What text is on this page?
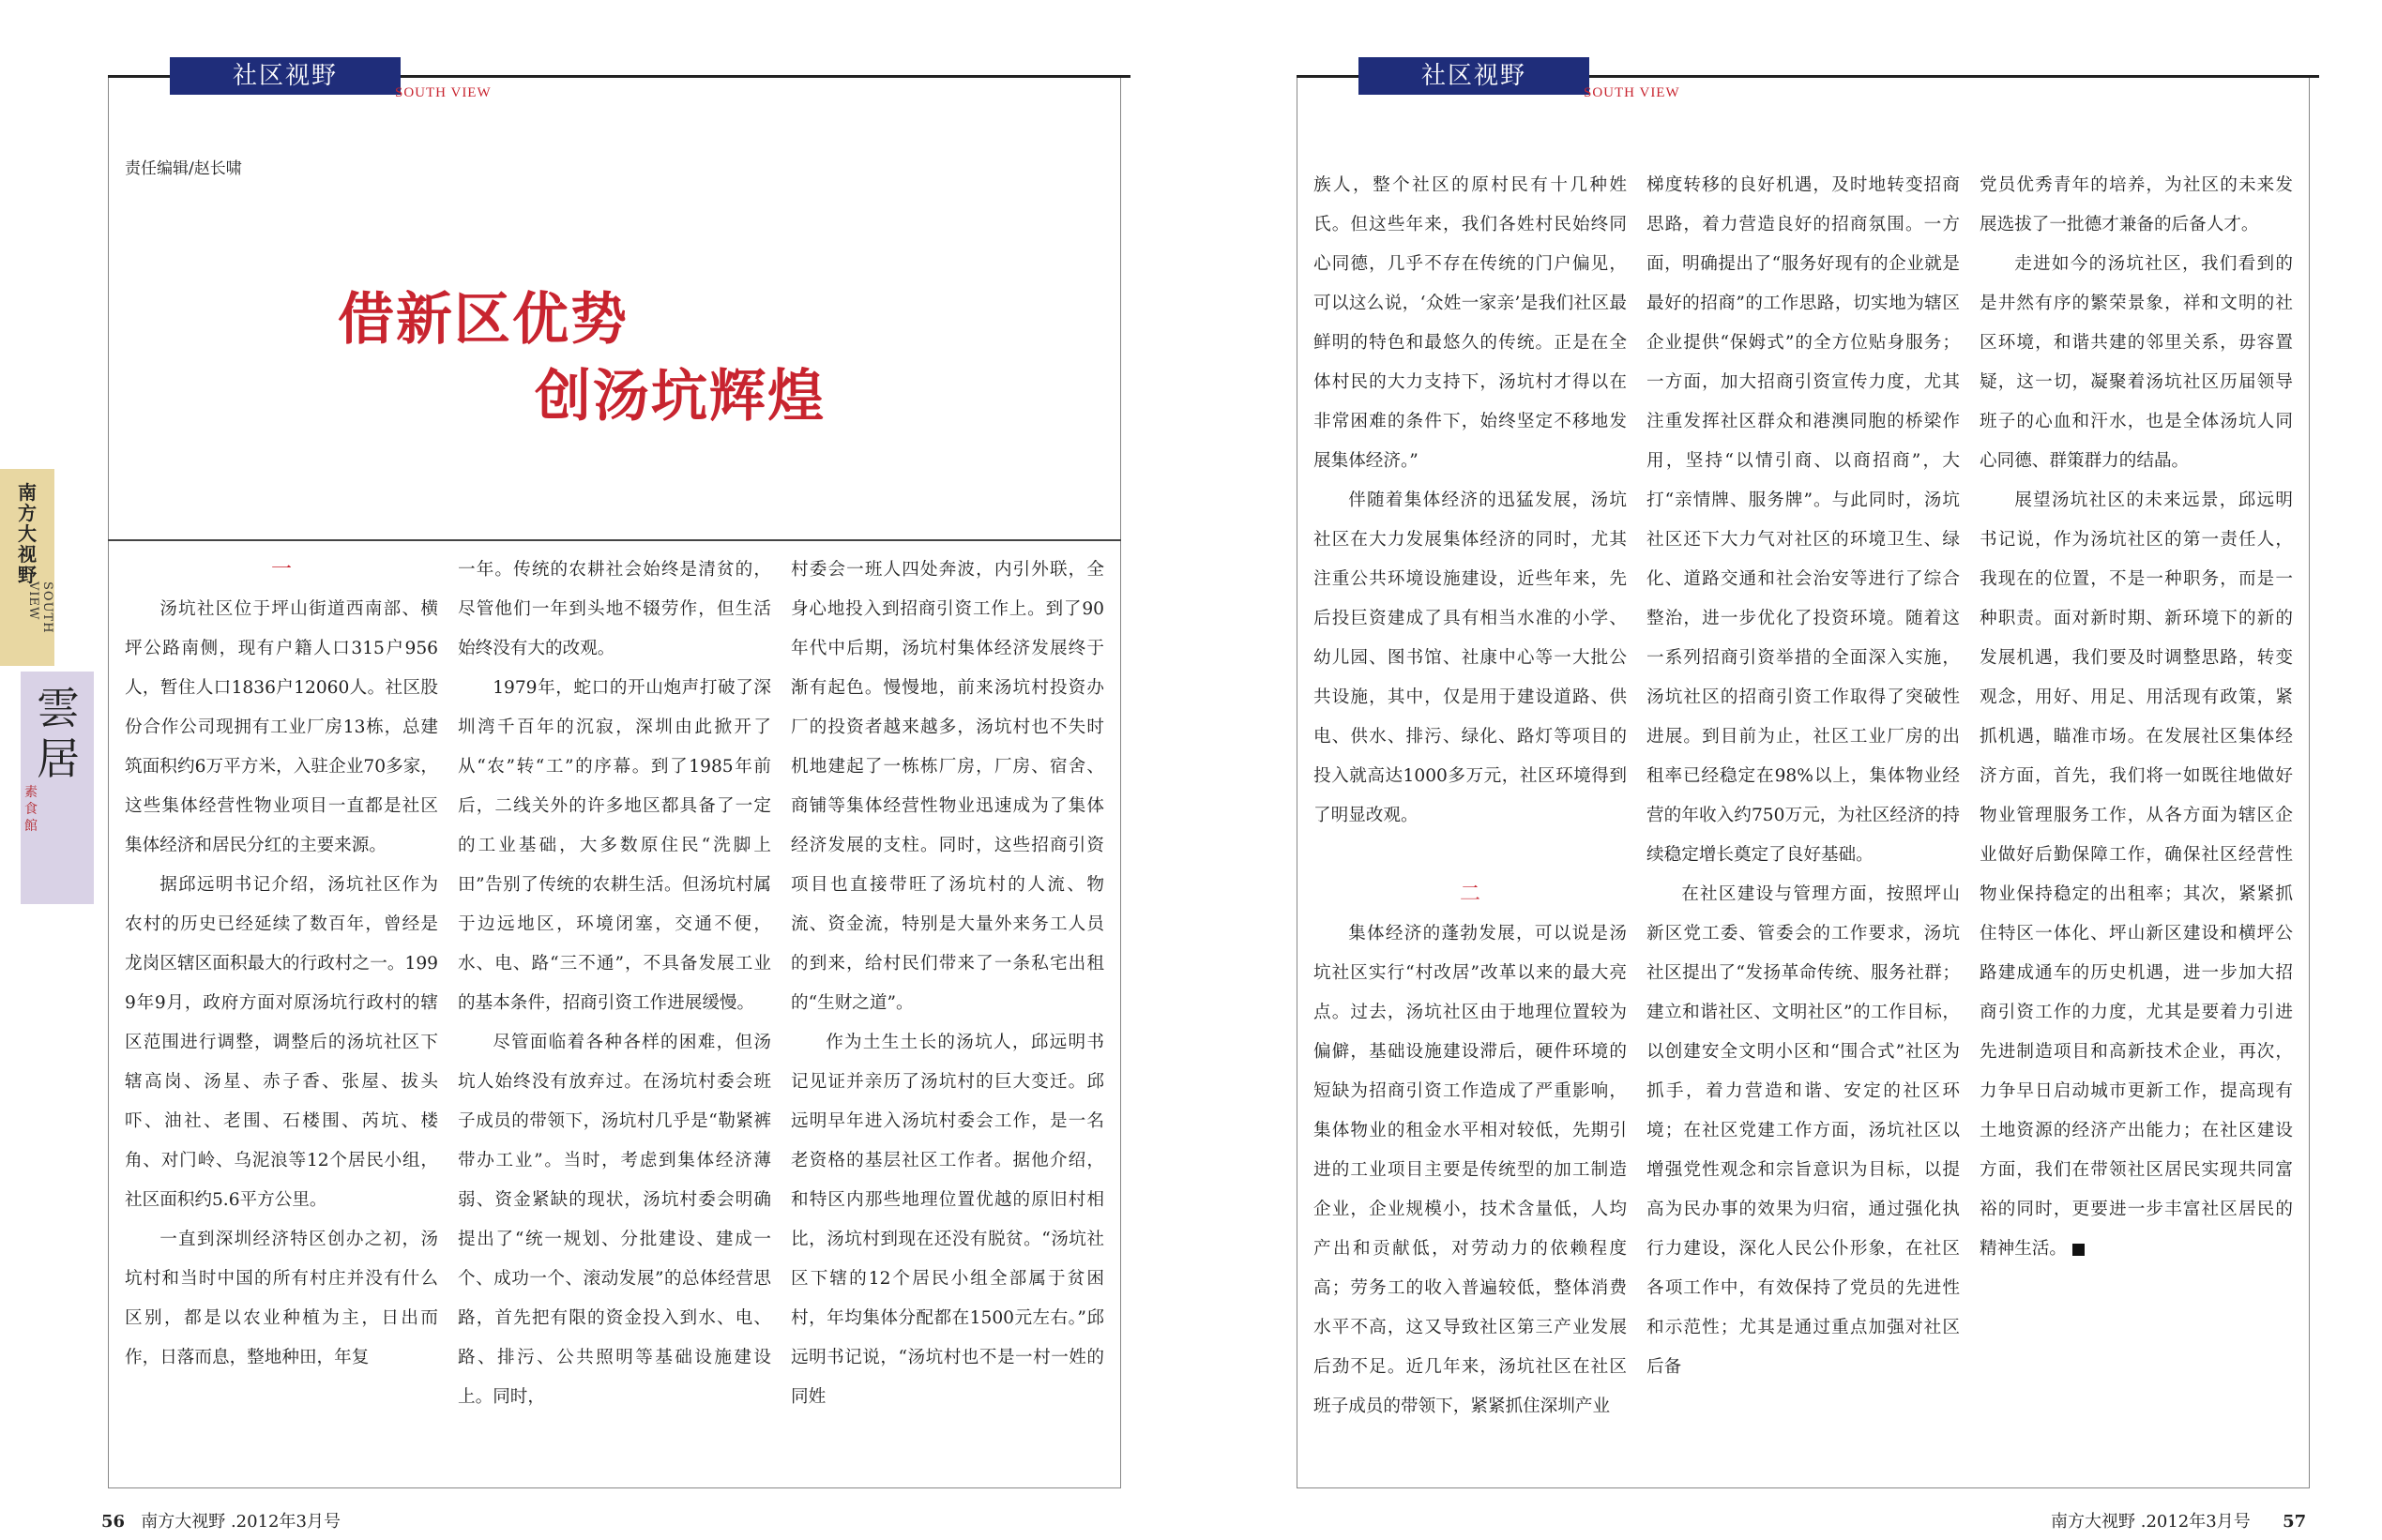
社区视野
SOUTH VIEW
责任编辑/赵长啸
借新区优势
创汤坑辉煌
一

汤坑社区位于坪山街道西南部、横坪公路南侧，现有户籍人口315户956人，暂住人口1836户12060人。社区股份合作公司现拥有工业厂房13栋，总建筑面积约6万平方米，入驻企业70多家，这些集体经营性物业项目一直都是社区集体经济和居民分红的主要来源。

据邱远明书记介绍，汤坑社区作为农村的历史已经延续了数百年，曾经是龙岗区辖区面积最大的行政村之一。1999年9月，政府方面对原汤坑行政村的辖区范围进行调整，调整后的汤坑社区下辖高岗、汤星、赤子香、张屋、拔头吓、油社、老围、石楼围、芮坑、楼角、对门岭、乌泥浪等12个居民小组，社区面积约5.6平方公里。

一直到深圳经济特区创办之初，汤坑村和当时中国的所有村庄并没有什么区别，都是以农业种植为主，日出而作，日落而息，整地种田，年复

一年。传统的农耕社会始终是清贫的，尽管他们一年到头地不辍劳作，但生活始终没有大的改观。

1979年，蛇口的开山炮声打破了深圳湾千百年的沉寂，深圳由此掀开了从“农”转“工”的序幕。到了1985年前后，二线关外的许多地区都具备了一定的工业基础，大多数原住民“洗脚上田”告别了传统的农耕生活。但汤坑村属于边远地区，环境闭塞，交通不便，水、电、路“三不通”，不具备发展工业的基本条件，招商引资工作进展缓慢。

尽管面临着各种各样的困难，但汤坑人始终没有放弃过。在汤坑村委会班子成员的带领下，汤坑村几乎是“勒紧裤带办工业”。当时，考虑到集体经济薄弱、资金紧缺的现状，汤坑村委会明确提出了“统一规划、分批建设、建成一个、成功一个、滚动发展”的总体经营思路，首先把有限的资金投入到水、电、路、排污、公共照明等基础设施建设上。同时，

村委会一班人四处奔波，内引外联，全身心地投入到招商引资工作上。到了90年代中后期，汤坑村集体经济发展终于渐有起色。慢慢地，前来汤坑村投资办厂的投资者越来越多，汤坑村也不失时机地建起了一栋栋厂房，厂房、宿舍、商铺等集体经营性物业迅速成为了集体经济发展的支柱。同时，这些招商引资项目也直接带旺了汤坑村的人流、物流、资金流，特别是大量外来务工人员的到来，给村民们带来了一条私宅出租的“生财之道”。

作为土生土长的汤坑人，邱远明书记见证并亲历了汤坑村的巨大变迁。邱远明早年进入汤坑村委会工作，是一名老资格的基层社区工作者。据他介绍，和特区内那些地理位置优越的原旧村相比，汤坑村到现在还没有脱贫。“汤坑社区下辖的12个居民小组全部属于贫困村，年均集体分配都在1500元左右。”邱远明书记说，“汤坑村也不是一村一姓的同姓

南方大视野
SOUTH VIEW
雲居
素食館
56 南方大视野 .2012年3月号
社区视野
SOUTH VIEW

族人，整个社区的原村民有十几种姓氏。但这些年来，我们各姓村民始终同心同德，几乎不存在传统的门户偏见，可以这么说，‘众姓一家亲’是我们社区最鲜明的特色和最悠久的传统。正是在全体村民的大力支持下，汤坑村才得以在非常困难的条件下，始终坚定不移地发展集体经济。”

伴随着集体经济的迅猛发展，汤坑社区在大力发展集体经济的同时，尤其注重公共环境设施建设，近些年来，先后投巨资建成了具有相当水准的小学、幼儿园、图书馆、社康中心等一大批公共设施，其中，仅是用于建设道路、供电、供水、排污、绿化、路灯等项目的投入就高达1000多万元，社区环境得到了明显改观。

二

集体经济的蓬勃发展，可以说是汤坑社区实行“村改居”改革以来的最大亮点。过去，汤坑社区由于地理位置较为偏僻，基础设施建设滞后，硬件环境的短缺为招商引资工作造成了严重影响，集体物业的租金水平相对较低，先期引进的工业项目主要是传统型的加工制造企业，企业规模小，技术含量低，人均产出和贡献低，对劳动力的依赖程度高；劳务工的收入普遍较低，整体消费水平不高，这又导致社区第三产业发展后劲不足。近几年来，汤坑社区在社区班子成员的带领下，紧紧抓住深圳产业

梯度转移的良好机遇，及时地转变招商思路，着力营造良好的招商氛围。一方面，明确提出了“服务好现有的企业就是最好的招商”的工作思路，切实地为辖区企业提供“保姆式”的全方位贴身服务；一方面，加大招商引资宣传力度，尤其注重发挥社区群众和港澳同胞的桥梁作用，坚持“以情引商、以商招商”，大打“亲情牌、服务牌”。与此同时，汤坑社区还下大力气对社区的环境卫生、绿化、道路交通和社会治安等进行了综合整治，进一步优化了投资环境。随着这一系列招商引资举措的全面深入实施，汤坑社区的招商引资工作取得了突破性进展。到目前为止，社区工业厂房的出租率已经稳定在98%以上，集体物业经营的年收入约750万元，为社区经济的持续稳定增长奠定了良好基础。

在社区建设与管理方面，按照坪山新区党工委、管委会的工作要求，汤坑社区提出了“发扬革命传统、服务社群；建立和谐社区、文明社区”的工作目标，以创建安全文明小区和“围合式”社区为抓手，着力营造和谐、安定的社区环境；在社区党建工作方面，汤坑社区以增强党性观念和宗旨意识为目标，以提高为民办事的效果为归宿，通过强化执行力建设，深化人民公仆形象，在社区各项工作中，有效保持了党员的先进性和示范性；尤其是通过重点加强对社区后备

党员优秀青年的培养，为社区的未来发展选拔了一批德才兼备的后备人才。

走进如今的汤坑社区，我们看到的是井然有序的繁荣景象，祥和文明的社区环境，和谐共建的邻里关系，毋容置疑，这一切，凝聚着汤坑社区历届领导班子的心血和汗水，也是全体汤坑人同心同德、群策群力的结晶。

展望汤坑社区的未来远景，邱远明书记说，作为汤坑社区的第一责任人，我现在的位置，不是一种职务，而是一种职责。面对新时期、新环境下的新的发展机遇，我们要及时调整思路，转变观念，用好、用足、用活现有政策，紧抓机遇，瞄准市场。在发展社区集体经济方面，首先，我们将一如既往地做好物业管理服务工作，从各方面为辖区企业做好后勤保障工作，确保社区经营性物业保持稳定的出租率；其次，紧紧抓住特区一体化、坪山新区建设和横坪公路建成通车的历史机遇，进一步加大招商引资工作的力度，尤其是要着力引进先进制造项目和高新技术企业，再次，力争早日启动城市更新工作，提高现有土地资源的经济产出能力；在社区建设方面，我们在带领社区居民实现共同富裕的同时，更要进一步丰富社区居民的精神生活。

南方大视野 .2012年3月号 57
